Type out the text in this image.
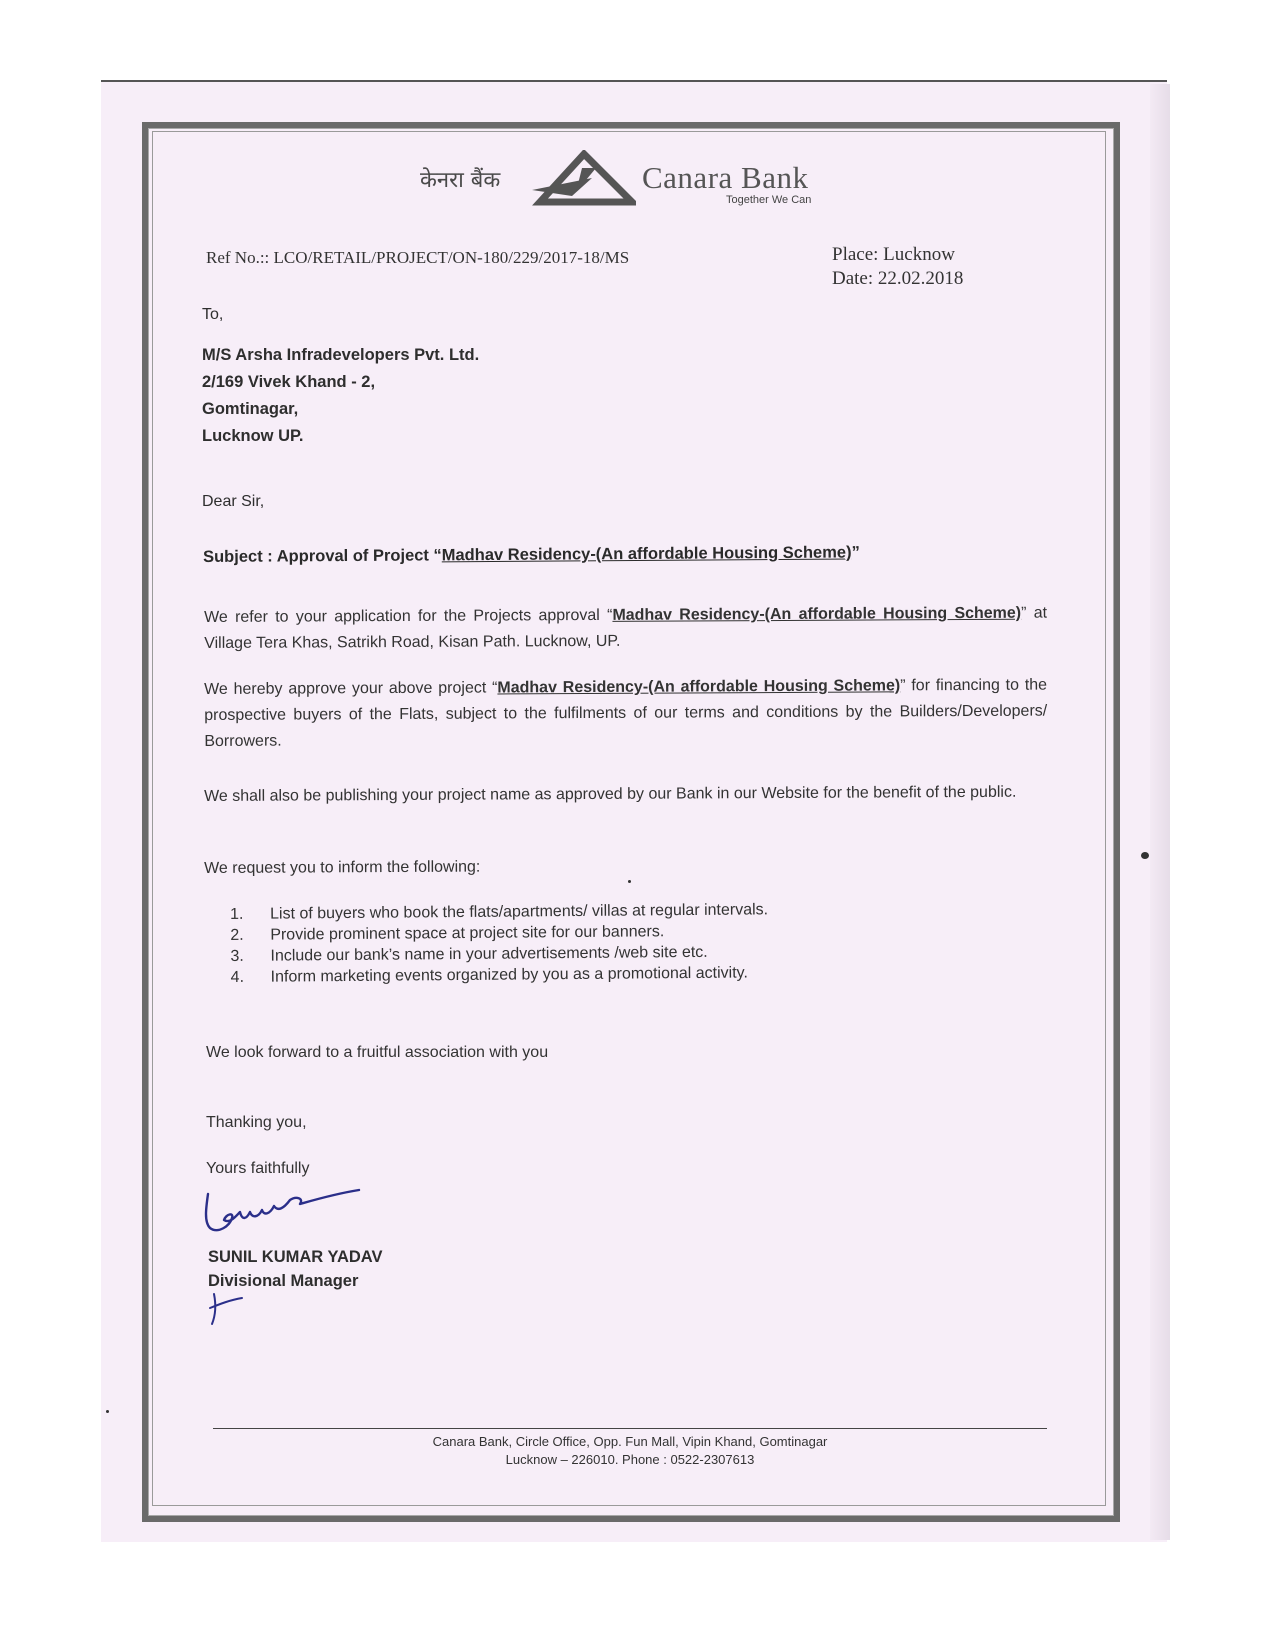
केनरा बैंक	Canara Bank
Together We Can
Ref No.:: LCO/RETAIL/PROJECT/ON-180/229/2017-18/MS	Place: Lucknow
Date: 22.02.2018
To,
M/S Arsha Infradevelopers Pvt. Ltd.
2/169 Vivek Khand - 2,
Gomtinagar,
Lucknow UP.
Dear Sir,
Subject : Approval of Project “Madhav Residency-(An affordable Housing Scheme)”
We refer to your application for the Projects approval “Madhav Residency-(An affordable Housing Scheme)” at Village Tera Khas, Satrikh Road, Kisan Path. Lucknow, UP.
We hereby approve your above project “Madhav Residency-(An affordable Housing Scheme)” for financing to the prospective buyers of the Flats, subject to the fulfilments of our terms and conditions by the Builders/Developers/ Borrowers.
We shall also be publishing your project name as approved by our Bank in our Website for the benefit of the public.
We request you to inform the following:
1. List of buyers who book the flats/apartments/ villas at regular intervals.
2. Provide prominent space at project site for our banners.
3. Include our bank’s name in your advertisements /web site etc.
4. Inform marketing events organized by you as a promotional activity.
We look forward to a fruitful association with you
Thanking you,
Yours faithfully
SUNIL KUMAR YADAV
Divisional Manager
Canara Bank, Circle Office, Opp. Fun Mall, Vipin Khand, Gomtinagar
Lucknow – 226010. Phone : 0522-2307613
